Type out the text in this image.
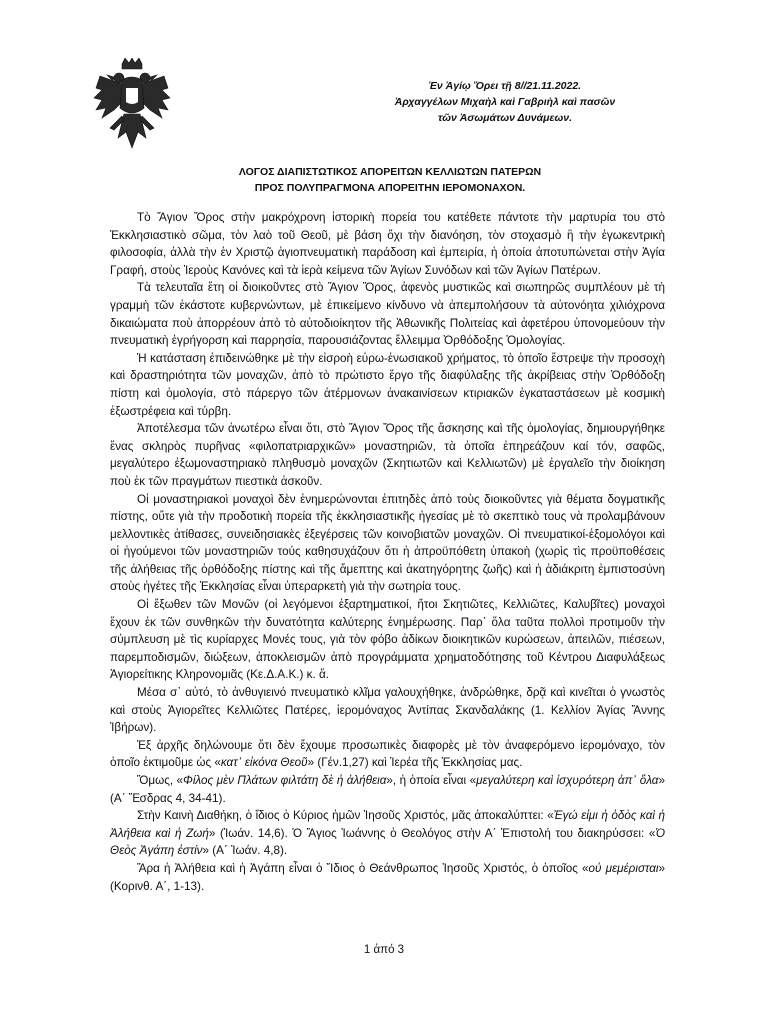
Ἐν Ἁγίῳ Ὄρει τῇ 8//21.11.2022.
Ἀρχαγγέλων Μιχαὴλ καὶ Γαβριὴλ καὶ πασῶν
τῶν Ἀσωμάτων Δυνάμεων.
ΛΟΓΟΣ ΔΙΑΠΙΣΤΩΤΙΚΟΣ ΑΠΟΡΕΙΤΩΝ ΚΕΛΛΙΩΤΩΝ ΠΑΤΕΡΩΝ
ΠΡΟΣ ΠΟΛΥΠΡΑΓΜΟΝΑ ΑΠΟΡΕΙΤΗΝ ΙΕΡΟΜΟΝΑΧΟΝ.

Τὸ Ἅγιον Ὄρος στὴν μακρόχρονη ἱστορικὴ πορεία του κατέθετε πάντοτε τὴν μαρτυρία του στὸ Ἐκκλησιαστικὸ σῶμα, τὸν λαὸ τοῦ Θεοῦ, μὲ βάση ὄχι τὴν διανόηση, τὸν στοχασμὸ ἢ τὴν ἐγωκεντρικὴ φιλοσοφία, ἀλλὰ τὴν ἐν Χριστῷ ἁγιοπνευματικὴ παράδοση καὶ ἐμπειρία, ἡ ὁποία ἀποτυπώνεται στὴν Ἁγία Γραφή, στοὺς Ἱεροὺς Κανόνες καὶ τὰ ἱερὰ κείμενα τῶν Ἁγίων Συνόδων καὶ τῶν Ἁγίων Πατέρων.

Τὰ τελευταῖα ἔτη οἱ διοικοῦντες στὸ Ἅγιον Ὄρος, ἀφενὸς μυστικῶς καὶ σιωπηρῶς συμπλέουν μὲ τὴ γραμμὴ τῶν ἑκάστοτε κυβερνώντων, μὲ ἐπικείμενο κίνδυνο νὰ ἀπεμπολήσουν τὰ αὐτονόητα χιλιόχρονα δικαιώματα ποὺ ἀπορρέουν ἀπὸ τὸ αὐτοδιοίκητον τῆς Ἀθωνικῆς Πολιτείας καὶ ἀφετέρου ὑπονομεύουν τὴν πνευματικὴ ἐγρήγορση καὶ παρρησία, παρουσιάζοντας ἔλλειμμα Ὀρθόδοξης Ὁμολογίας.

Ἡ κατάσταση ἐπιδεινώθηκε μὲ τὴν εἰσροὴ εὐρω-ἐνωσιακοῦ χρήματος, τὸ ὁποῖο ἔστρεψε τὴν προσοχὴ καὶ δραστηριότητα τῶν μοναχῶν, ἀπὸ τὸ πρώτιστο ἔργο τῆς διαφύλαξης τῆς ἀκρίβειας στὴν Ὀρθόδοξη πίστη καὶ ὁμολογία, στὸ πάρεργο τῶν ἀτέρμονων ἀνακαινίσεων κτιριακῶν ἐγκαταστάσεων μὲ κοσμικὴ ἐξωστρέφεια καὶ τύρβη.

Ἀποτέλεσμα τῶν ἀνωτέρω εἶναι ὅτι, στὸ Ἅγιον Ὄρος τῆς ἄσκησης καὶ τῆς ὁμολογίας, δημιουργήθηκε ἕνας σκληρὸς πυρῆνας «φιλοπατριαρχικῶν» μοναστηριῶν, τὰ ὁποῖα ἐπηρεάζουν καί τόν, σαφῶς, μεγαλύτερο ἐξωμοναστηριακὸ πληθυσμὸ μοναχῶν (Σκητιωτῶν καὶ Κελλιωτῶν) μὲ ἐργαλεῖο τὴν διοίκηση ποὺ ἐκ τῶν πραγμάτων πιεστικὰ ἀσκοῦν.

Οἱ μοναστηριακοὶ μοναχοὶ δὲν ἐνημερώνονται ἐπιτηδὲς ἀπὸ τοὺς διοικοῦντες γιὰ θέματα δογματικῆς πίστης, οὔτε γιὰ τὴν προδοτικὴ πορεία τῆς ἐκκλησιαστικῆς ἡγεσίας μὲ τὸ σκεπτικὸ τους νὰ προλαμβάνουν μελλοντικὲς ἀτίθασες, συνειδησιακὲς ἐξεγέρσεις τῶν κοινοβιατῶν μοναχῶν. Οἱ πνευματικοί-ἐξομολόγοι καὶ οἱ ἡγούμενοι τῶν μοναστηριῶν τούς καθησυχάζουν ὅτι ἡ ἀπροϋπόθετη ὑπακοὴ (χωρὶς τὶς προϋποθέσεις τῆς ἀλήθειας τῆς ὀρθόδοξης πίστης καὶ τῆς ἄμεπτης καὶ ἀκατηγόρητης ζωῆς) καὶ ἡ ἀδιάκριτη ἐμπιστοσύνη στοὺς ἡγέτες τῆς Ἐκκλησίας εἶναι ὑπεραρκετὴ γιὰ τὴν σωτηρία τους.

Οἱ ἔξωθεν τῶν Μονῶν (οἱ λεγόμενοι ἐξαρτηματικοί, ἤτοι Σκητιῶτες, Κελλιῶτες, Καλυβῖτες) μοναχοὶ ἔχουν ἐκ τῶν συνθηκῶν τὴν δυνατότητα καλύτερης ἐνημέρωσης. Παρ᾽ ὅλα ταῦτα πολλοὶ προτιμοῦν τὴν σύμπλευση μὲ τὶς κυρίαρχες Μονές τους, γιὰ τὸν φόβο ἀδίκων διοικητικῶν κυρώσεων, ἀπειλῶν, πιέσεων, παρεμποδισμῶν, διώξεων, ἀποκλεισμῶν ἀπὸ προγράμματα χρηματοδότησης τοῦ Κέντρου Διαφυλάξεως Ἁγιορείτικης Κληρονομιᾶς (Κε.Δ.Α.Κ.) κ. ἄ.

Μέσα σ᾽ αὐτό, τὸ ἀνθυγιεινό πνευματικὸ κλῖμα γαλουχήθηκε, ἀνδρώθηκε, δρᾷ καὶ κινεῖται ὁ γνωστὸς καὶ στοὺς Ἁγιορεῖτες Κελλιῶτες Πατέρες, ἱερομόναχος Ἀντίπας Σκανδαλάκης (1. Κελλίον Ἁγίας Ἄννης Ἰβήρων).

Ἐξ ἀρχῆς δηλώνουμε ὅτι δὲν ἔχουμε προσωπικὲς διαφορὲς μὲ τὸν ἀναφερόμενο ἱερομόναχο, τὸν ὁποῖο ἐκτιμοῦμε ὡς «κατ᾽ εἰκόνα Θεοῦ» (Γέν.1,27) καὶ Ἱερέα τῆς Ἐκκλησίας μας.

Ὅμως, «Φίλος μὲν Πλάτων φιλτάτη δὲ ἡ ἀλήθεια», ἡ ὁποία εἶναι «μεγαλύτερη καὶ ἰσχυρότερη ἀπ᾽ ὅλα» (Α΄ Ἔσδρας 4, 34-41).

Στὴν Καινὴ Διαθήκη, ὁ ἴδιος ὁ Κύριος ἡμῶν Ἰησοῦς Χριστός, μᾶς ἀποκαλύπτει: «Ἐγώ εἰμι ἡ ὁδὸς καὶ ἡ Ἀλήθεια καὶ ἡ Ζωή» (Ἰωάν. 14,6). Ὁ Ἅγιος Ἰωάννης ὁ Θεολόγος στὴν Α΄ Ἐπιστολή του διακηρύσσει: «Ὁ Θεὸς Ἀγάπη ἐστίν» (Α΄ Ἰωάν. 4,8).

Ἄρα ἡ Ἀλήθεια καὶ ἡ Ἀγάπη εἶναι ὁ Ἴδιος ὁ Θεάνθρωπος Ἰησοῦς Χριστός, ὁ ὁποῖος «οὐ μεμέρισται» (Κορινθ. Α΄, 1-13).

1 ἀπό 3
